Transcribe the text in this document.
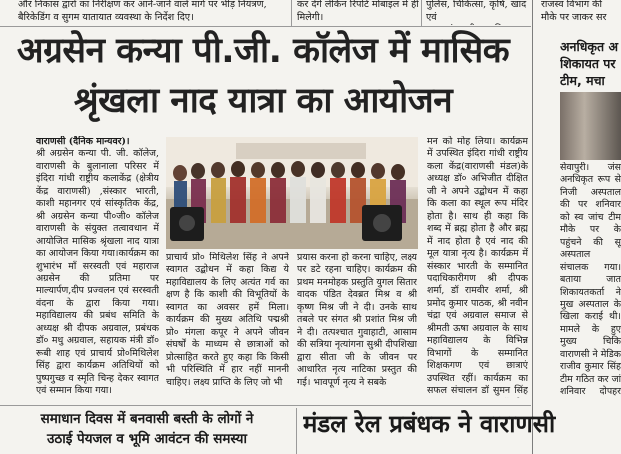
और निकास द्वारों का निरीक्षण कर आने-जाने वाले मार्ग पर भीड़ नियंत्रण,
बैरिकेडिंग व सुगम यातायात व्यवस्था के निर्देश दिए।
कर देंगे लेकिन रिपोर्ट मोबाइल में ही
मिलेगी।
पुलिस, चिकित्सा, कृषि, खाद एवं
राजस्व विभाग की
मौके पर जाकर सर
अग्रसेन कन्या पी.जी. कॉलेज में मासिक
श्रृंखला नाद यात्रा का आयोजन

वाराणसी (दैनिक मान्यवर)।

श्री अग्रसेन कन्या पी. जी. कॉलेज, वाराणसी के बुलानाला परिसर में इंदिरा गांधी राष्ट्रीय कलाकेंद्र (क्षेत्रीय केंद्र वाराणसी) ,संस्कार भारती, काशी महानगर एवं सांस्कृतिक केंद्र, श्री अग्रसेन कन्या पी०जी० कॉलेज वाराणसी के संयुक्त तत्वावधान में आयोजित मासिक श्रृंखला नाद यात्रा का आयोजन किया गया।कार्यक्रम का शुभारंभ माँ सरस्वती एवं महाराज अग्रसेन की प्रतिमा पर माल्यार्पण,दीप प्रज्वलन एवं सरस्वती वंदना के द्वारा किया गया। महाविद्यालय की प्रबंध समिति के अध्यक्ष श्री दीपक अग्रवाल, प्रबंधक डॉ० मधु अग्रवाल, सहायक मंत्री डॉ० रूबी शाह एवं प्राचार्य प्रो०मिथिलेश सिंह द्वारा कार्यक्रम अतिथियों को पुष्पगुच्छ व स्मृति चिन्ह देकर स्वागत एवं सम्मान किया गया।

प्राचार्य प्रो० मिथिलेश सिंह ने अपने स्वागत उद्बोधन में कहा किद्य ये महाविद्यालय के लिए अत्यंत गर्व का क्षण है कि काशी की विभूतियों के स्वागत का अवसर हमें मिला। कार्यक्रम की मुख्य अतिथि पद्मश्री प्रो० मंगला कपूर ने अपने जीवन संघर्षों के माध्यम से छात्राओं को प्रोत्साहित करते हुए कहा कि किसी भी परिस्थिति में हार नहीं माननी चाहिए। लक्ष्य प्राप्ति के लिए जो भी
प्रयास करना हो करना चाहिए, लक्ष्य पर डटे रहना चाहिए। कार्यक्रम की प्रथम मनमोहक प्रस्तुति युगल सितार वादक पंडित देवब्रत मिश्र व श्री कृष्ण मिश्र जी ने दी। उनके साथ तबले पर संगत श्री प्रशांत मिश्र जी ने दी। तत्पश्चात गुवाहाटी, आसाम की सत्रिया नृत्यांगना सुश्री दीपशिखा द्वारा सीता जी के जीवन पर आधारित नृत्य नाटिका प्रस्तुत की गई। भावपूर्ण नृत्य ने सबके
मन को मोह लिया। कार्यक्रम में उपस्थित इंदिरा गांधी राष्ट्रीय कला केंद्र(वाराणसी मंडल)के अध्यक्ष डॉ० अभिजीत दीक्षित जी ने अपने उद्बोधन में कहा कि कला का स्थूल रूप मंदिर होता है। साथ ही कहा कि शब्द में ब्रह्म होता है और ब्रह्म में नाद होता है एवं नाद की मूल यात्रा नृत्य है। कार्यक्रम में संस्कार भारती के सम्मानित पदाधिकारीगण श्री दीपक शर्मा, डॉ रामवीर शर्मा, श्री प्रमोद कुमार पाठक, श्री नवीन चंद्रा एवं अग्रवाल समाज से श्रीमती ऊषा अग्रवाल के साथ महाविद्यालय के विभिन्न विभागों के सम्मानित शिक्षकगण एवं छात्राएं उपस्थित रहीं। कार्यक्रम का सफल संचालन डॉ सुमन सिंह
अनधिकृत अ
शिकायत पर
टीम, मचा
सेवापुरी। जंस अनधिकृत रूप से निजी अस्पताल की पर शनिवार को स्व जांच टीम मौके पर के पहुंचने की सू अस्पताल संचालक गया। बताया जात शिकायतकर्ता ने मुख अस्पताल के खिला कराई थी। मामले के हुए मुख्य चिकि वाराणसी ने मेडिक राजीव कुमार सिंह टीम गठित कर जां शनिवार दोपहर
समाधान दिवस में बनवासी बस्ती के लोगों ने
उठाई पेयजल व भूमि आवंटन की समस्या
मंडल रेल प्रबंधक ने वाराणसी
